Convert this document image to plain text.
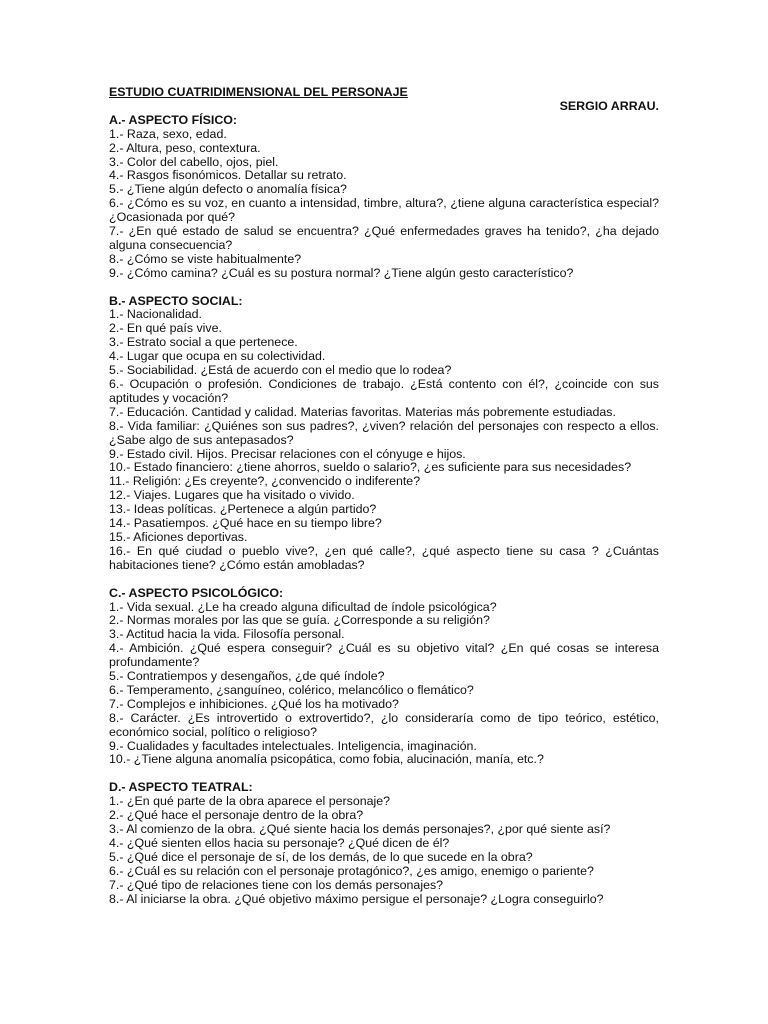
ESTUDIO CUATRIDIMENSIONAL DEL PERSONAJE
SERGIO ARRAU.
A.- ASPECTO FÍSICO:
1.- Raza, sexo, edad.
2.- Altura, peso, contextura.
3.- Color del cabello, ojos, piel.
4.- Rasgos fisonómicos. Detallar su retrato.
5.- ¿Tiene algún defecto o anomalía física?
6.- ¿Cómo es su voz, en cuanto a intensidad, timbre, altura?, ¿tiene alguna característica especial? ¿Ocasionada por qué?
7.- ¿En qué estado de salud se encuentra? ¿Qué enfermedades graves ha tenido?, ¿ha dejado alguna consecuencia?
8.- ¿Cómo se viste habitualmente?
9.- ¿Cómo camina? ¿Cuál es su postura normal? ¿Tiene algún gesto característico?
B.- ASPECTO SOCIAL:
1.- Nacionalidad.
2.- En qué país vive.
3.- Estrato social a que pertenece.
4.- Lugar que ocupa en su colectividad.
5.- Sociabilidad. ¿Está de acuerdo con el medio que lo rodea?
6.- Ocupación o profesión. Condiciones de trabajo. ¿Está contento con él?, ¿coincide con sus aptitudes y vocación?
7.- Educación. Cantidad y calidad. Materias favoritas. Materias más pobremente estudiadas.
8.- Vida familiar: ¿Quiénes son sus padres?, ¿viven? relación del personajes con respecto a ellos. ¿Sabe algo de sus antepasados?
9.- Estado civil. Hijos. Precisar relaciones con el cónyuge e hijos.
10.- Estado financiero: ¿tiene ahorros, sueldo o salario?, ¿es suficiente para sus necesidades?
11.- Religión: ¿Es creyente?, ¿convencido o indiferente?
12.- Viajes. Lugares que ha visitado o vivido.
13.- Ideas políticas. ¿Pertenece a algún partido?
14.- Pasatiempos. ¿Qué hace en su tiempo libre?
15.- Aficiones deportivas.
16.- En qué ciudad o pueblo vive?, ¿en qué calle?, ¿qué aspecto tiene su casa ? ¿Cuántas habitaciones tiene? ¿Cómo están amobladas?
C.- ASPECTO PSICOLÓGICO:
1.- Vida sexual. ¿Le ha creado alguna dificultad de índole psicológica?
2.- Normas morales por las que se guía. ¿Corresponde a su religión?
3.- Actitud hacia la vida. Filosofía personal.
4.- Ambición. ¿Qué espera conseguir? ¿Cuál es su objetivo vital? ¿En qué cosas se interesa profundamente?
5.- Contratiempos y desengaños, ¿de qué índole?
6.- Temperamento, ¿sanguíneo, colérico, melancólico o flemático?
7.- Complejos e inhibiciones. ¿Qué los ha motivado?
8.- Carácter. ¿Es introvertido o extrovertido?, ¿lo consideraría como de tipo teórico, estético, económico social, político o religioso?
9.- Cualidades y facultades intelectuales. Inteligencia, imaginación.
10.- ¿Tiene alguna anomalía psicopática, como fobia, alucinación, manía, etc.?
D.- ASPECTO TEATRAL:
1.- ¿En qué parte de la obra aparece el personaje?
2.- ¿Qué hace el personaje dentro de la obra?
3.- Al comienzo de la obra. ¿Qué siente hacia los demás personajes?, ¿por qué siente así?
4.- ¿Qué sienten ellos hacia su personaje? ¿Qué dicen de él?
5.- ¿Qué dice el personaje de sí, de los demás, de lo que sucede en la obra?
6.- ¿Cuál es su relación con el personaje protagónico?, ¿es amigo, enemigo o pariente?
7.- ¿Qué tipo de relaciones tiene con los demás personajes?
8.- Al iniciarse la obra. ¿Qué objetivo máximo persigue el personaje? ¿Logra conseguirlo?
